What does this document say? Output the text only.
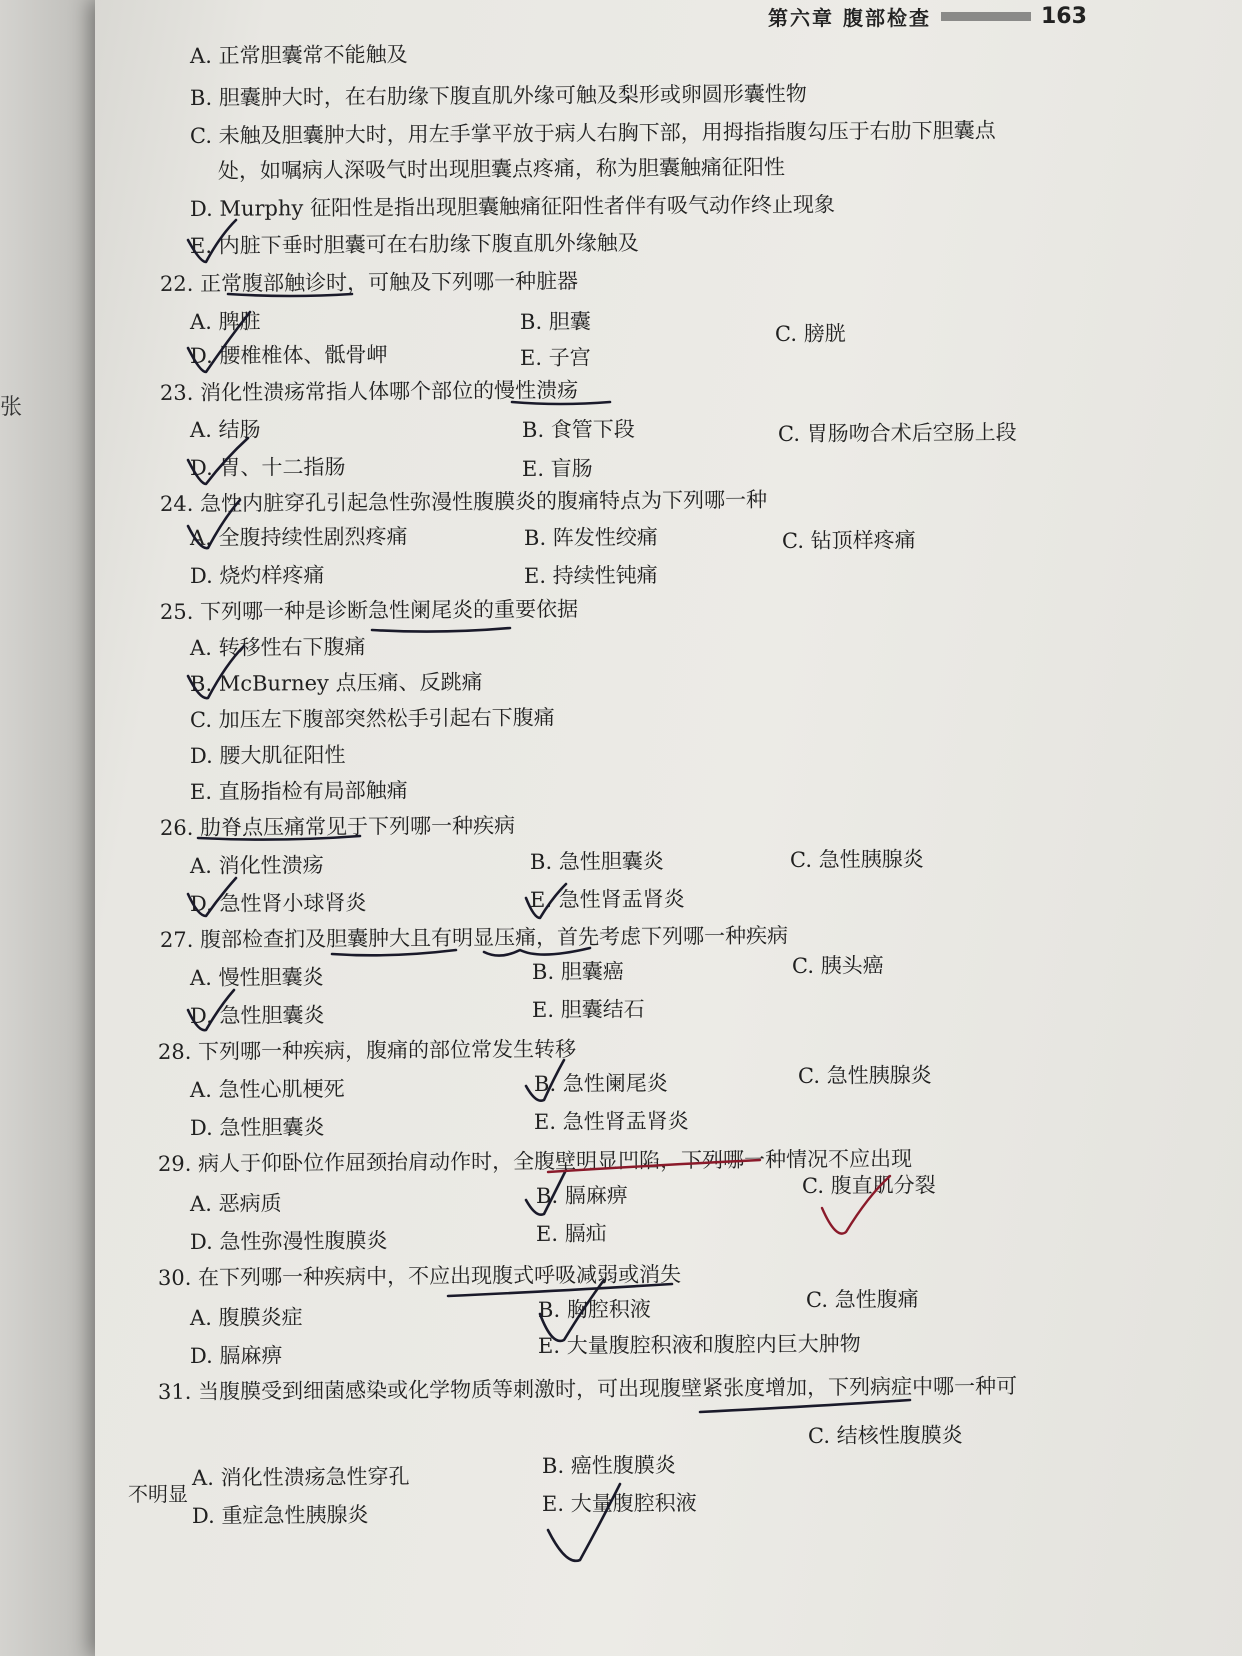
张
第六章 腹部检查	163
A. 正常胆囊常不能触及
B. 胆囊肿大时，在右肋缘下腹直肌外缘可触及梨形或卵圆形囊性物
C. 未触及胆囊肿大时，用左手掌平放于病人右胸下部，用拇指指腹勾压于右肋下胆囊点
处，如嘱病人深吸气时出现胆囊点疼痛，称为胆囊触痛征阳性
D. Murphy 征阳性是指出现胆囊触痛征阳性者伴有吸气动作终止现象
E. 内脏下垂时胆囊可在右肋缘下腹直肌外缘触及
22. 正常腹部触诊时，可触及下列哪一种脏器
A. 脾脏	B. 胆囊	C. 膀胱
D. 腰椎椎体、骶骨岬	E. 子宫
23. 消化性溃疡常指人体哪个部位的慢性溃疡
A. 结肠	B. 食管下段	C. 胃肠吻合术后空肠上段
D. 胃、十二指肠	E. 盲肠
24. 急性内脏穿孔引起急性弥漫性腹膜炎的腹痛特点为下列哪一种
A. 全腹持续性剧烈疼痛	B. 阵发性绞痛	C. 钻顶样疼痛
D. 烧灼样疼痛	E. 持续性钝痛
25. 下列哪一种是诊断急性阑尾炎的重要依据
A. 转移性右下腹痛
B. McBurney 点压痛、反跳痛
C. 加压左下腹部突然松手引起右下腹痛
D. 腰大肌征阳性
E. 直肠指检有局部触痛
26. 肋脊点压痛常见于下列哪一种疾病
A. 消化性溃疡	B. 急性胆囊炎	C. 急性胰腺炎
D. 急性肾小球肾炎	E. 急性肾盂肾炎
27. 腹部检查扪及胆囊肿大且有明显压痛，首先考虑下列哪一种疾病
A. 慢性胆囊炎	B. 胆囊癌	C. 胰头癌
D. 急性胆囊炎	E. 胆囊结石
28. 下列哪一种疾病，腹痛的部位常发生转移
A. 急性心肌梗死	B. 急性阑尾炎	C. 急性胰腺炎
D. 急性胆囊炎	E. 急性肾盂肾炎
29. 病人于仰卧位作屈颈抬肩动作时，全腹壁明显凹陷，下列哪一种情况不应出现
A. 恶病质	B. 膈麻痹	C. 腹直肌分裂
D. 急性弥漫性腹膜炎	E. 膈疝
30. 在下列哪一种疾病中，不应出现腹式呼吸减弱或消失
A. 腹膜炎症	B. 胸腔积液	C. 急性腹痛
D. 膈麻痹	E. 大量腹腔积液和腹腔内巨大肿物
31. 当腹膜受到细菌感染或化学物质等刺激时，可出现腹壁紧张度增加，下列病症中哪一种可
A. 消化性溃疡急性穿孔	B. 癌性腹膜炎
C. 结核性腹膜炎
D. 重症急性胰腺炎	E. 大量腹腔积液
不明显
